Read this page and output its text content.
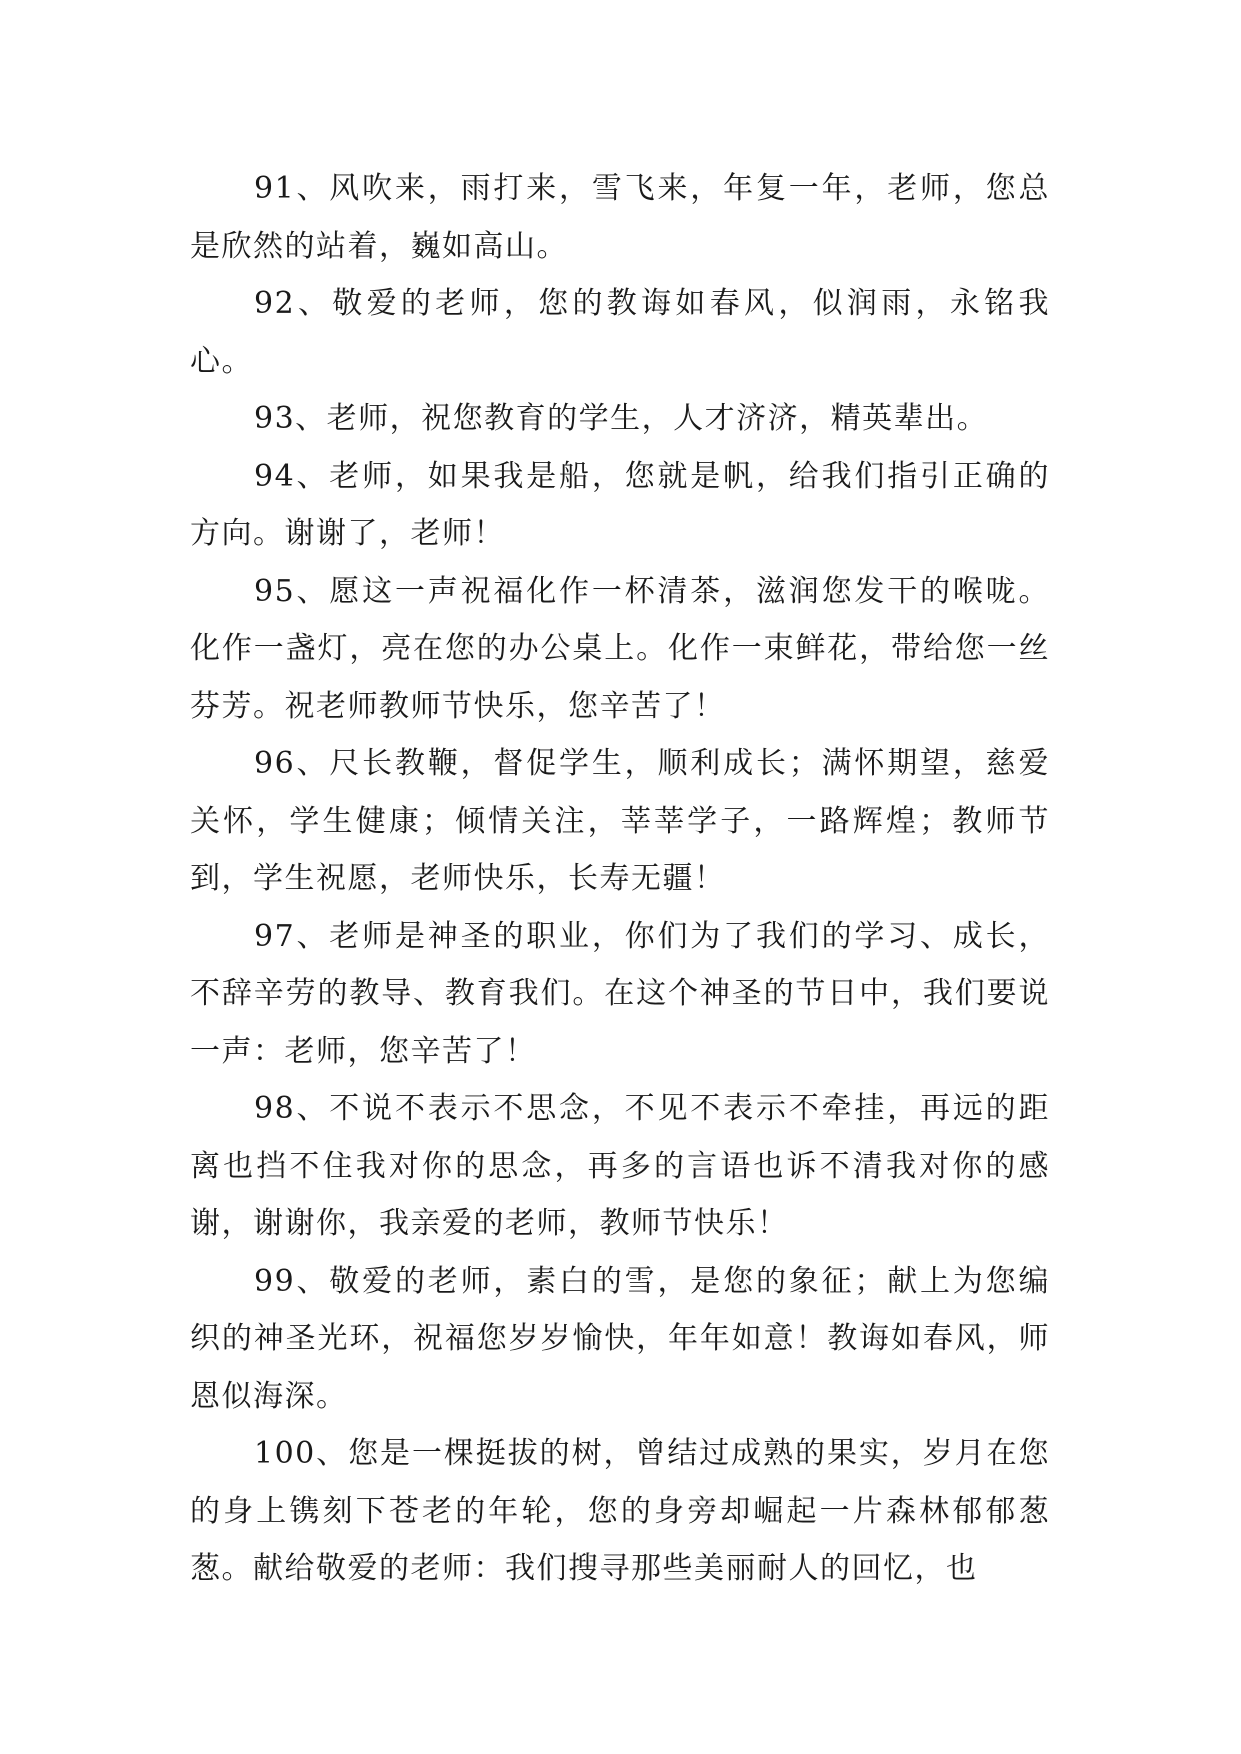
91、风吹来，雨打来，雪飞来，年复一年，老师，您总是欣然的站着，巍如高山。

92、敬爱的老师，您的教诲如春风，似润雨，永铭我心。

93、老师，祝您教育的学生，人才济济，精英辈出。

94、老师，如果我是船，您就是帆，给我们指引正确的方向。谢谢了，老师！

95、愿这一声祝福化作一杯清茶，滋润您发干的喉咙。化作一盏灯，亮在您的办公桌上。化作一束鲜花，带给您一丝芬芳。祝老师教师节快乐，您辛苦了！

96、尺长教鞭，督促学生，顺利成长；满怀期望，慈爱关怀，学生健康；倾情关注，莘莘学子，一路辉煌；教师节到，学生祝愿，老师快乐，长寿无疆！

97、老师是神圣的职业，你们为了我们的学习、成长，不辞辛劳的教导、教育我们。在这个神圣的节日中，我们要说一声：老师，您辛苦了！

98、不说不表示不思念，不见不表示不牵挂，再远的距离也挡不住我对你的思念，再多的言语也诉不清我对你的感谢，谢谢你，我亲爱的老师，教师节快乐！

99、敬爱的老师，素白的雪，是您的象征；献上为您编织的神圣光环，祝福您岁岁愉快，年年如意！教诲如春风，师恩似海深。

100、您是一棵挺拔的树，曾结过成熟的果实，岁月在您的身上镌刻下苍老的年轮，您的身旁却崛起一片森林郁郁葱葱。献给敬爱的老师：我们搜寻那些美丽耐人的回忆，也
